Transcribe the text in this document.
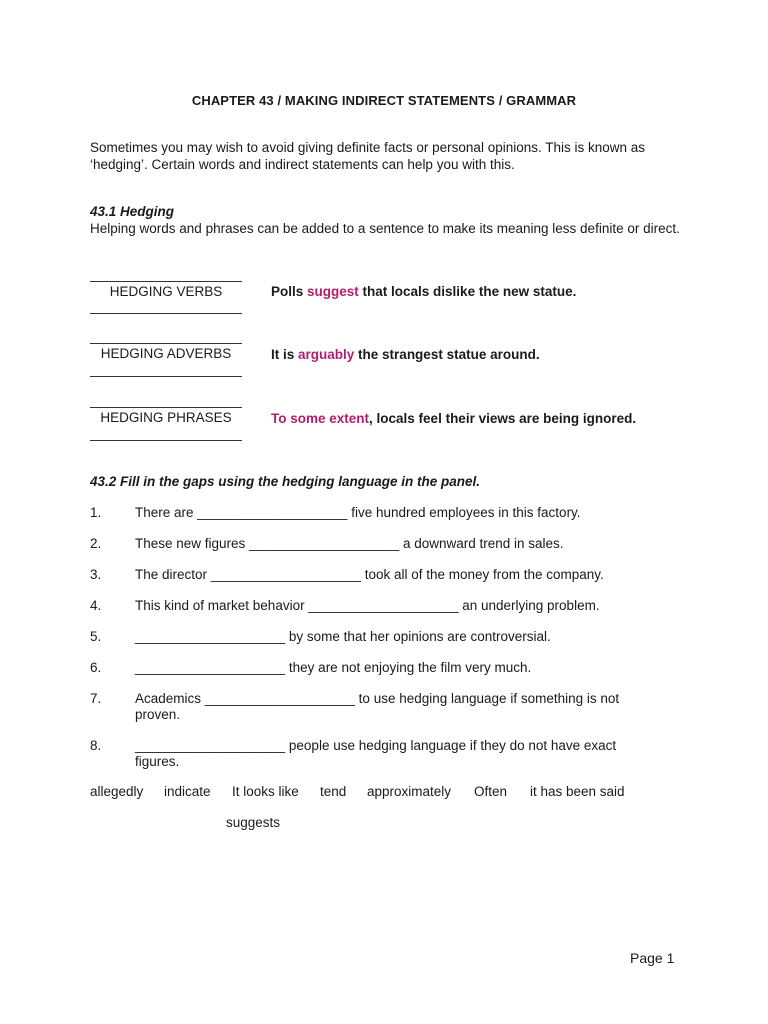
CHAPTER 43 / MAKING INDIRECT STATEMENTS / GRAMMAR
Sometimes you may wish to avoid giving definite facts or personal opinions. This is known as ‘hedging’. Certain words and indirect statements can help you with this.
43.1 Hedging
Helping words and phrases can be added to a sentence to make its meaning less definite or direct.
HEDGING VERBS	Polls suggest that locals dislike the new statue.
HEDGING ADVERBS	It is arguably the strangest statue around.
HEDGING PHRASES	To some extent, locals feel their views are being ignored.
43.2 Fill in the gaps using the hedging language in the panel.
1. There are ____________________ five hundred employees in this factory.
2. These new figures ____________________ a downward trend in sales.
3. The director ____________________ took all of the money from the company.
4. This kind of market behavior ____________________ an underlying problem.
5. ____________________ by some that her opinions are controversial.
6. ____________________ they are not enjoying the film very much.
7. Academics ____________________ to use hedging language if something is not proven.
8. ____________________ people use hedging language if they do not have exact figures.
allegedly indicate It looks like tend approximately Often it has been said
suggests
Page 1
